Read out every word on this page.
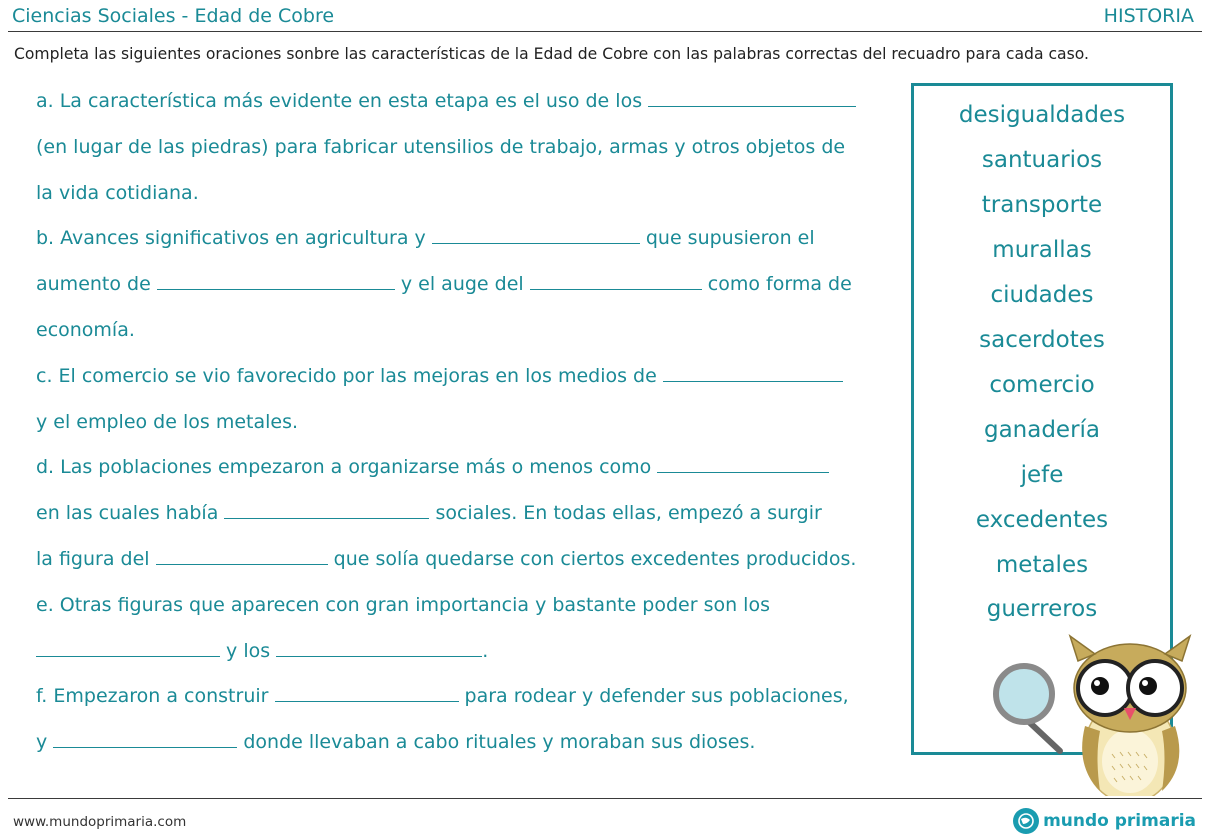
Ciencias Sociales - Edad de Cobre	HISTORIA
Completa las siguientes oraciones sonbre las características de la Edad de Cobre con las palabras correctas del recuadro para cada caso.
a. La característica más evidente en esta etapa es el uso de los
(en lugar de las piedras) para fabricar utensilios de trabajo, armas y otros objetos de
la vida cotidiana.
b. Avances significativos en agricultura y	que supusieron el
aumento de	y el auge del	como forma de
economía.
c. El comercio se vio favorecido por las mejoras en los medios de
y el empleo de los metales.
d. Las poblaciones empezaron a organizarse más o menos como
en las cuales había	sociales. En todas ellas, empezó a surgir
la figura del	que solía quedarse con ciertos excedentes producidos.
e. Otras figuras que aparecen con gran importancia y bastante poder son los
y los	.
f. Empezaron a construir	para rodear y defender sus poblaciones,
y	donde llevaban a cabo rituales y moraban sus dioses.
desigualdades
santuarios
transporte
murallas
ciudades
sacerdotes
comercio
ganadería
jefe
excedentes
metales
guerreros
www.mundoprimaria.com	mundo primaria
